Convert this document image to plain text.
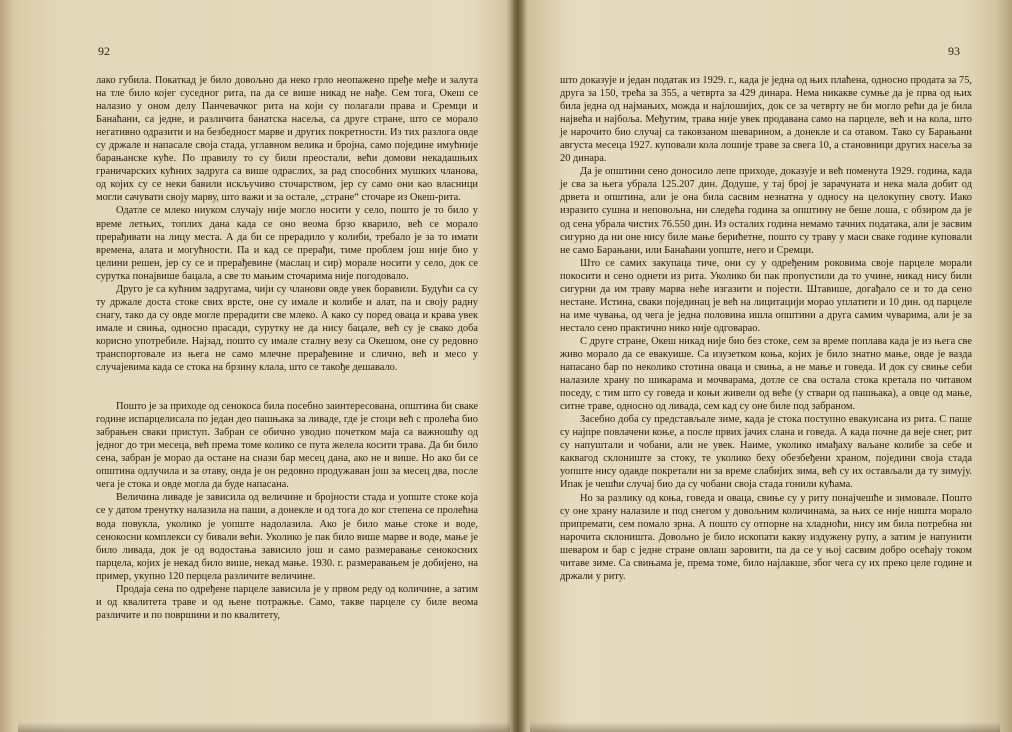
92

лако губила. Покаткад је било довољно да неко грло неопажено пређе међе и залута на тле било којег суседног рита, па да се више никад не нађе. Сем тога, Океш се налазио у оном делу Панчевачког рита на који су полагали права и Сремци и Банаћани, са једне, и различита банатска насеља, са друге стране, што се морало негативно одразити и на безбедност марве и других покретности. Из тих разлога овде су држале и напасале своја стада, углавном велика и бројна, само поједине имућније барањанске куће. По правилу то су били преостали, већи домови некадашњих граничарских кућних задруга са више одраслих, за рад способних мушких чланова, од којих су се неки бавили искључиво сточарством, јер су само они као власници могли сачувати своју марву, што важи и за остале, „стране“ сточаре из Океш-рита.

Одатле се млеко ниуком случају није могло носити у село, пошто је то било у време летњих, топлих дана када се оно веома брзо кварило, већ се морало прерађивати на лицу места. А да би се прерадило у колиби, требало је за то имати времена, алата и могућности. Па и кад се прерађи, тиме проблем још није био у целини решен, јер су се и прерађевине (маслац и сир) морале носити у село, док се сурутка понајвише бацала, а све то мањим сточарима није погодовало.

Друго је са кућним задругама, чији су чланови овде увек боравили. Будући са су ту држале доста стоке свих врсте, оне су имале и колибе и алат, па и своју радну снагу, тако да су овде могле прерадити све млеко. А како су поред оваца и крава увек имале и свиња, односно прасади, сурутку не да нису бацале, већ су је свако доба корисно употребиле. Најзад, пошто су имале сталну везу са Окешом, оне су редовно транспортовале из њега не само млечне прерађевине и слично, већ и месо у случајевима када се стока на брзину клала, што се такође дешавало.

Пошто је за приходе од сенокоса била посебно заинтересована, општина би сваке године испарцелисала по један део пашњака за ливаде, где је стоци већ с пролећа био забрањен сваки приступ. Забран се обично уводио почетком маја са важношћу од једног до три месеца, већ према томе колико се пута желела косити трава. Да би било сена, забран је морао да остане на снази бар месец дана, ако не и више. Но ако би се општина одлучила и за отаву, онда је он редовно продужаван још за месец два, после чега је стока и овде могла да буде напасана.

Величина ливаде је зависила од величине и бројности стада и уопште стоке која се у датом тренутку налазила на паши, а донекле и од тога до ког степена се пролећна вода повукла, уколико је уопште надолазила. Ако је било мање стоке и воде, сенокосни комплекси су бивали већи. Уколико је пак било више марве и воде, мање је било ливада, док је од водостања зависило још и само размеравање сенокосних парцела, којих је некад било више, некад мање. 1930. г. размеравањем је добијено, на пример, укупно 120 перцела различите величине.

Продаја сена по одређене парцеле зависила је у првом реду од количине, а затим и од квалитета траве и од њене потражње. Само, такве парцеле су биле веома различите и по површини и по квалитету,

93

што доказује и један податак из 1929. г., када је једна од њих плаћена, односно продата за 75, друга за 150, трећа за 355, а четврта за 429 динара. Нема никакве сумње да је прва од њих била једна од најмањих, можда и најлошијих, док се за четврту не би могло рећи да је била највећа и најбоља. Међутим, трава није увек продавана само на парцеле, већ и на кола, што је нарочито био случај са таковзаном шеварином, а донекле и са отавом. Тако су Барањани августа месеца 1927. куповали кола лошије траве за свега 10, а становници других насеља за 20 динара.

Да је општини сено доносило лепе приходе, доказује и већ поменута 1929. година, када је сва за њега убрала 125.207 дин. Додуше, у тај број је зарачуната и нека мала добит од дрвета и општина, али је она била сасвим незнатна у односу на целокупну своту. Иако изразито сушна и неповољна, ни следећа година за општину не беше лоша, с обзиром да је од сена убрала чистих 76.550 дин. Из осталих година немамо тачних података, али је засвим сигурно да ни оне нису биле мање берићетне, пошто су траву у маси сваке године куповали не само Барањани, или Банаћани уопште, него и Сремци.

Што се самих закупаца тиче, они су у одређеним роковима своје парцеле морали покосити и сено однети из рита. Уколико би пак пропустили да то учине, никад нису били сигурни да им траву марва неће изгазити и појести. Штавише, догађало се и то да сено нестане. Истина, сваки појединац је већ на лицитацији морао уплатити и 10 дин. од парцеле на име чувања, од чега је једна половина ишла општини а друга самим чуварима, али је за нестало сено практично нико није одговарао.

С друге стране, Океш никад није био без стоке, сем за време поплава када је из њега све живо морало да се евакуише. Са изузетком коња, којих је било знатно мање, овде је вазда напасано бар по неколико стотина оваца и свиња, а не мање и говеда. И док су свиње себи налазиле храну по шикарама и мочварама, дотле се сва остала стока кретала по читавом поседу, с тим што су говеда и коњи живели од веће (у ствари од пашњака), а овце од мање, ситне траве, односно од ливада, сем кад су оне биле под забраном.

Засебно доба су представљале зиме, када је стока поступно евакуисана из рита. С паше су најпре повлачени коње, а после првих јачих слана и говеда. А када почне да веје снег, рит су напуштали и чобани, али не увек. Наиме, уколико имађаху ваљане колибе за себе и каквагод склониште за стоку, те уколико беху обезбеђени храном, поједини своја стада уопште нису одавде покретали ни за време слабијих зима, већ су их остављали да ту зимују. Ипак је чешћи случај био да су чобани своја стада гонили кућама.

Но за разлику од коња, говеда и оваца, свиње су у риту понајчешће и зимовале. Пошто су оне храну налазиле и под снегом у довољним количинама, за њих се није ништа морало припремати, сем помало зрна. А пошто су отпорне на хладноћи, нису им била потребна ни нарочита склоништа. Довољно је било ископати какву издужену рупу, а затим је напунити шеваром и бар с једне стране овлаш заровити, па да се у њој сасвим добро осећају током читаве зиме. Са свињама је, према томе, било најлакше, због чега су их преко целе године и држали у риту.
